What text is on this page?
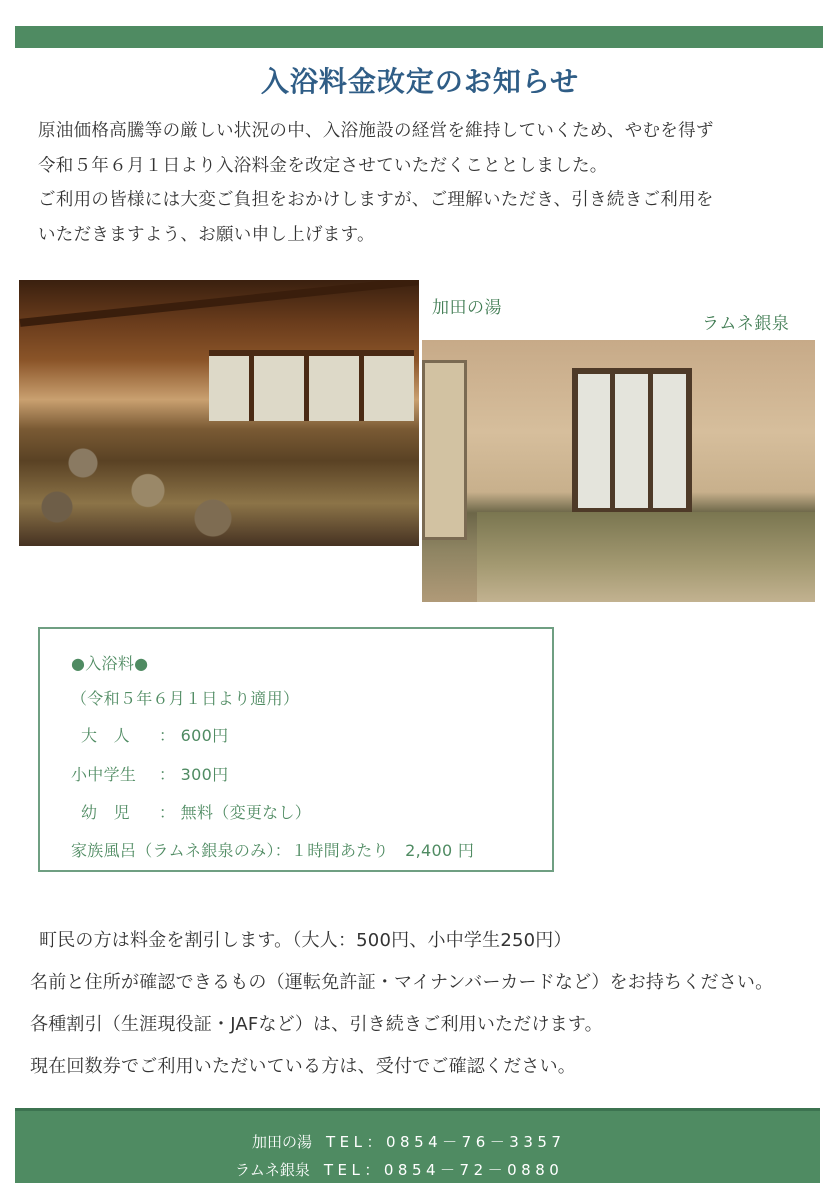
入浴料金改定のお知らせ

原油価格高騰等の厳しい状況の中、入浴施設の経営を維持していくため、やむを得ず

令和５年６月１日より入浴料金を改定させていただくこととしました。

ご利用の皆様には大変ご負担をおかけしますが、ご理解いただき、引き続きご利用を

いただきますよう、お願い申し上げます。

加田の湯
ラムネ銀泉
●入浴料●
（令和５年６月１日より適用）
大　人 ： 600円
小中学生 ： 300円
幼　児 ： 無料（変更なし）
家族風呂（ラムネ銀泉のみ）：１時間あたり　2,400 円

町民の方は料金を割引します。（大人：500円、小中学生250円）

名前と住所が確認できるもの（運転免許証・マイナンバーカードなど）をお持ちください。

各種割引（生涯現役証・JAFなど）は、引き続きご利用いただけます。

現在回数券でご利用いただいている方は、受付でご確認ください。

加田の湯 TEL：0854－76－3357
ラムネ銀泉 TEL：0854－72－0880
